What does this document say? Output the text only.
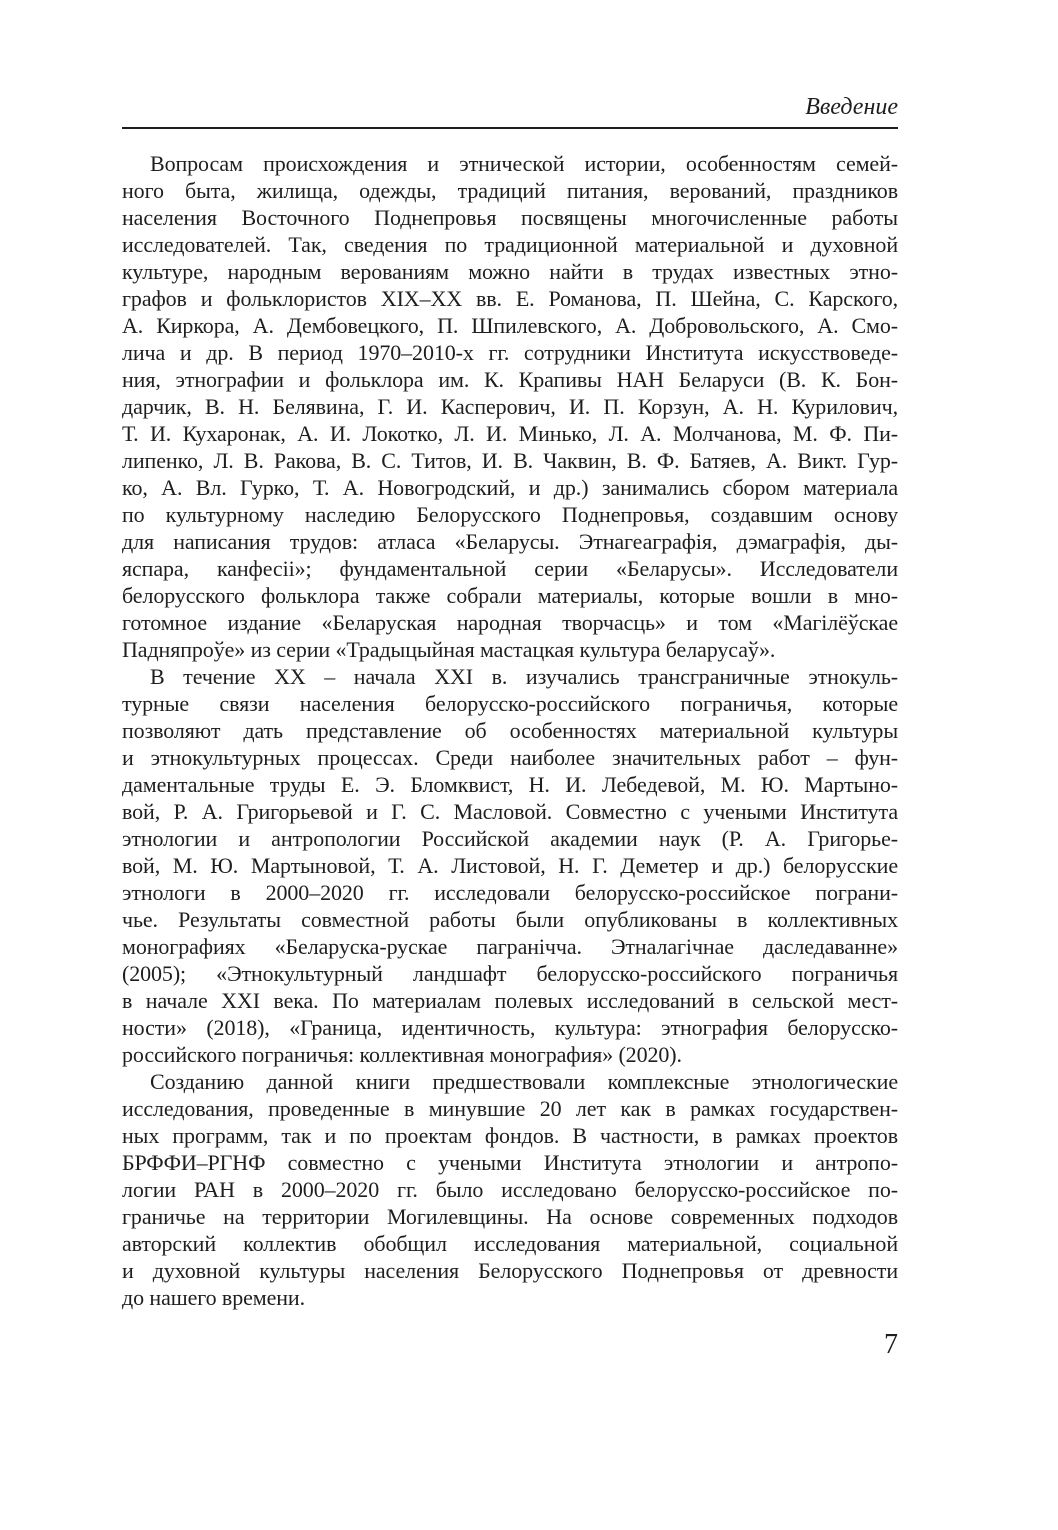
Введение
Вопросам происхождения и этнической истории, особенностям семей-
ного быта, жилища, одежды, традиций питания, верований, праздников
населения Восточного Поднепровья посвящены многочисленные работы
исследователей. Так, сведения по традиционной материальной и духовной
культуре, народным верованиям можно найти в трудах известных этно-
графов и фольклористов XIX–XX вв. Е. Романова, П. Шейна, С. Карского,
А. Киркора, А. Дембовецкого, П. Шпилевского, А. Добровольского, А. Смо-
лича и др. В период 1970–2010-х гг. сотрудники Института искусствоведе-
ния, этнографии и фольклора им. К. Крапивы НАН Беларуси (В. К. Бон-
дарчик, В. Н. Белявина, Г. И. Касперович, И. П. Корзун, А. Н. Курилович,
Т. И. Кухаронак, А. И. Локотко, Л. И. Минько, Л. А. Молчанова, М. Ф. Пи-
липенко, Л. В. Ракова, В. С. Титов, И. В. Чаквин, В. Ф. Батяев, А. Викт. Гур-
ко, А. Вл. Гурко, Т. А. Новогродский, и др.) занимались сбором материала
по культурному наследию Белорусского Поднепровья, создавшим основу
для написания трудов: атласа «Беларусы. Этнагеаграфія, дэмаграфія, ды-
яспара, канфесіі»; фундаментальной серии «Беларусы». Исследователи
белорусского фольклора также собрали материалы, которые вошли в мно-
готомное издание «Беларуская народная творчасць» и том «Магілёўскае
Падняпроўе» из серии «Традыцыйная мастацкая культура беларусаў».
В течение XX – начала XXI в. изучались трансграничные этнокуль-
турные связи населения белорусско-российского пограничья, которые
позволяют дать представление об особенностях материальной культуры
и этнокультурных процессах. Среди наиболее значительных работ – фун-
даментальные труды Е. Э. Бломквист, Н. И. Лебедевой, М. Ю. Мартыно-
вой, Р. А. Григорьевой и Г. С. Масловой. Совместно с учеными Института
этнологии и антропологии Российской академии наук (Р. А. Григорье-
вой, М. Ю. Мартыновой, Т. А. Листовой, Н. Г. Деметер и др.) белорусские
этнологи в 2000–2020 гг. исследовали белорусско-российское пограни-
чье. Результаты совместной работы были опубликованы в коллективных
монографиях «Беларуска-рускае пагранічча. Этналагічнае даследаванне»
(2005); «Этнокультурный ландшафт белорусско-российского пограничья
в начале XXI века. По материалам полевых исследований в сельской мест-
ности» (2018), «Граница, идентичность, культура: этнография белорусско-
российского пограничья: коллективная монография» (2020).
Созданию данной книги предшествовали комплексные этнологические
исследования, проведенные в минувшие 20 лет как в рамках государствен-
ных программ, так и по проектам фондов. В частности, в рамках проектов
БРФФИ–РГНФ совместно с учеными Института этнологии и антропо-
логии РАН в 2000–2020 гг. было исследовано белорусско-российское по-
граничье на территории Могилевщины. На основе современных подходов
авторский коллектив обобщил исследования материальной, социальной
и духовной культуры населения Белорусского Поднепровья от древности
до нашего времени.
7
